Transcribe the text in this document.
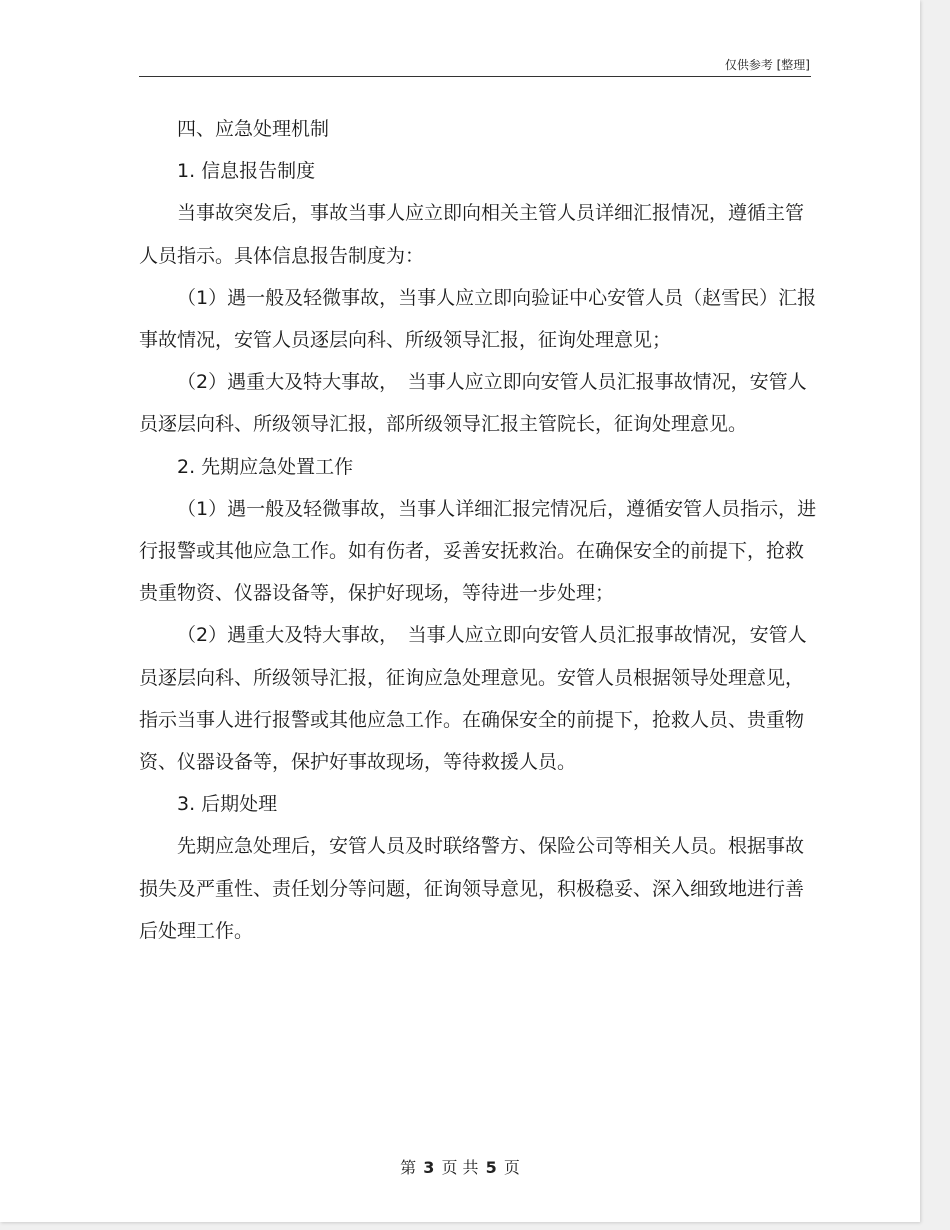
仅供参考 [整理]

四、应急处理机制

1. 信息报告制度

当事故突发后，事故当事人应立即向相关主管人员详细汇报情况，遵循主管人员指示。具体信息报告制度为：

（1）遇一般及轻微事故，当事人应立即向验证中心安管人员（赵雪民）汇报事故情况，安管人员逐层向科、所级领导汇报，征询处理意见；

（2）遇重大及特大事故，　当事人应立即向安管人员汇报事故情况，安管人员逐层向科、所级领导汇报，部所级领导汇报主管院长，征询处理意见。

2. 先期应急处置工作

（1）遇一般及轻微事故，当事人详细汇报完情况后，遵循安管人员指示，进行报警或其他应急工作。如有伤者，妥善安抚救治。在确保安全的前提下，抢救贵重物资、仪器设备等，保护好现场，等待进一步处理；

（2）遇重大及特大事故，　当事人应立即向安管人员汇报事故情况，安管人员逐层向科、所级领导汇报，征询应急处理意见。安管人员根据领导处理意见，指示当事人进行报警或其他应急工作。在确保安全的前提下，抢救人员、贵重物资、仪器设备等，保护好事故现场，等待救援人员。

3. 后期处理

先期应急处理后，安管人员及时联络警方、保险公司等相关人员。根据事故损失及严重性、责任划分等问题，征询领导意见，积极稳妥、深入细致地进行善后处理工作。

第 3 页 共 5 页
